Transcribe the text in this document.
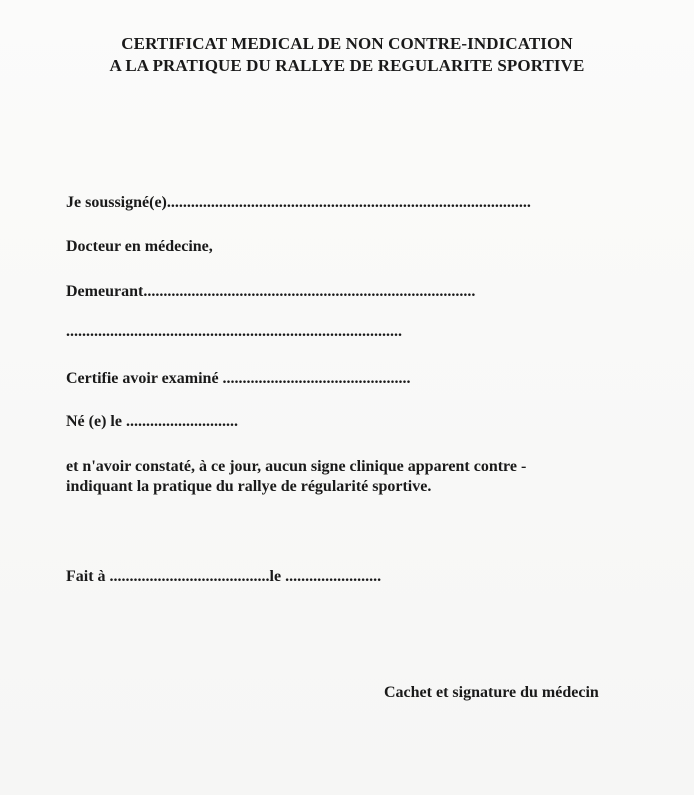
CERTIFICAT MEDICAL DE NON CONTRE-INDICATION
A LA PRATIQUE DU RALLYE DE REGULARITE SPORTIVE
Je soussigné(e)...........................................................................................
Docteur en médecine,
Demeurant...................................................................................
....................................................................................
Certifie avoir examiné ...............................................
Né (e) le ............................
et n'avoir constaté, à ce jour, aucun signe clinique apparent contre -
indiquant la pratique du rallye de régularité sportive.
Fait à ........................................le ........................
Cachet et signature du médecin
